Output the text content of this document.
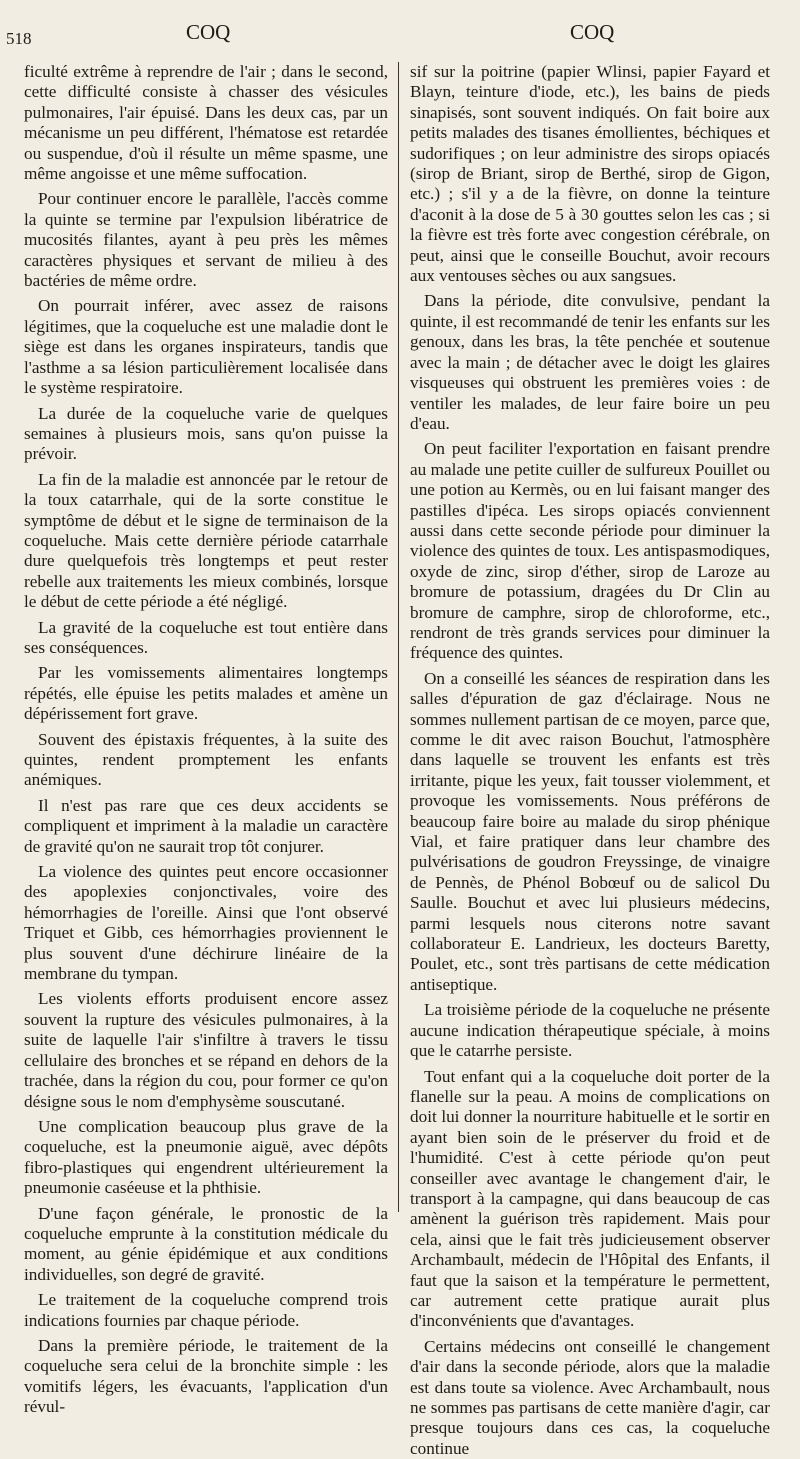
518	COQ	COQ

ficulté extrême à reprendre de l'air ; dans le second, cette difficulté consiste à chasser des vésicules pulmonaires, l'air épuisé. Dans les deux cas, par un mécanisme un peu différent, l'hématose est retardée ou suspendue, d'où il résulte un même spasme, une même angoisse et une même suffocation.

Pour continuer encore le parallèle, l'accès comme la quinte se termine par l'expulsion libératrice de mucosités filantes, ayant à peu près les mêmes caractères physiques et servant de milieu à des bactéries de même ordre.

On pourrait inférer, avec assez de raisons légitimes, que la coqueluche est une maladie dont le siège est dans les organes inspirateurs, tandis que l'asthme a sa lésion particulièrement localisée dans le système respiratoire.

La durée de la coqueluche varie de quelques semaines à plusieurs mois, sans qu'on puisse la prévoir.

La fin de la maladie est annoncée par le retour de la toux catarrhale, qui de la sorte constitue le symptôme de début et le signe de terminaison de la coqueluche. Mais cette dernière période catarrhale dure quelquefois très longtemps et peut rester rebelle aux traitements les mieux combinés, lorsque le début de cette période a été négligé.

La gravité de la coqueluche est tout entière dans ses conséquences.

Par les vomissements alimentaires longtemps répétés, elle épuise les petits malades et amène un dépérissement fort grave.

Souvent des épistaxis fréquentes, à la suite des quintes, rendent promptement les enfants anémiques.

Il n'est pas rare que ces deux accidents se compliquent et impriment à la maladie un caractère de gravité qu'on ne saurait trop tôt conjurer.

La violence des quintes peut encore occasionner des apoplexies conjonctivales, voire des hémorrhagies de l'oreille. Ainsi que l'ont observé Triquet et Gibb, ces hémorrhagies proviennent le plus souvent d'une déchirure linéaire de la membrane du tympan.

Les violents efforts produisent encore assez souvent la rupture des vésicules pulmonaires, à la suite de laquelle l'air s'infiltre à travers le tissu cellulaire des bronches et se répand en dehors de la trachée, dans la région du cou, pour former ce qu'on désigne sous le nom d'emphysème souscutané.

Une complication beaucoup plus grave de la coqueluche, est la pneumonie aiguë, avec dépôts fibro-plastiques qui engendrent ultérieurement la pneumonie caséeuse et la phthisie.

D'une façon générale, le pronostic de la coqueluche emprunte à la constitution médicale du moment, au génie épidémique et aux conditions individuelles, son degré de gravité.

Le traitement de la coqueluche comprend trois indications fournies par chaque période.

Dans la première période, le traitement de la coqueluche sera celui de la bronchite simple : les vomitifs légers, les évacuants, l'application d'un révul-

sif sur la poitrine (papier Wlinsi, papier Fayard et Blayn, teinture d'iode, etc.), les bains de pieds sinapisés, sont souvent indiqués. On fait boire aux petits malades des tisanes émollientes, béchiques et sudorifiques ; on leur administre des sirops opiacés (sirop de Briant, sirop de Berthé, sirop de Gigon, etc.) ; s'il y a de la fièvre, on donne la teinture d'aconit à la dose de 5 à 30 gouttes selon les cas ; si la fièvre est très forte avec congestion cérébrale, on peut, ainsi que le conseille Bouchut, avoir recours aux ventouses sèches ou aux sangsues.

Dans la période, dite convulsive, pendant la quinte, il est recommandé de tenir les enfants sur les genoux, dans les bras, la tête penchée et soutenue avec la main ; de détacher avec le doigt les glaires visqueuses qui obstruent les premières voies : de ventiler les malades, de leur faire boire un peu d'eau.

On peut faciliter l'exportation en faisant prendre au malade une petite cuiller de sulfureux Pouillet ou une potion au Kermès, ou en lui faisant manger des pastilles d'ipéca. Les sirops opiacés conviennent aussi dans cette seconde période pour diminuer la violence des quintes de toux. Les antispasmodiques, oxyde de zinc, sirop d'éther, sirop de Laroze au bromure de potassium, dragées du Dr Clin au bromure de camphre, sirop de chloroforme, etc., rendront de très grands services pour diminuer la fréquence des quintes.

On a conseillé les séances de respiration dans les salles d'épuration de gaz d'éclairage. Nous ne sommes nullement partisan de ce moyen, parce que, comme le dit avec raison Bouchut, l'atmosphère dans laquelle se trouvent les enfants est très irritante, pique les yeux, fait tousser violemment, et provoque les vomissements. Nous préférons de beaucoup faire boire au malade du sirop phénique Vial, et faire pratiquer dans leur chambre des pulvérisations de goudron Freyssinge, de vinaigre de Pennès, de Phénol Bobœuf ou de salicol Du Saulle. Bouchut et avec lui plusieurs médecins, parmi lesquels nous citerons notre savant collaborateur E. Landrieux, les docteurs Baretty, Poulet, etc., sont très partisans de cette médication antiseptique.

La troisième période de la coqueluche ne présente aucune indication thérapeutique spéciale, à moins que le catarrhe persiste.

Tout enfant qui a la coqueluche doit porter de la flanelle sur la peau. A moins de complications on doit lui donner la nourriture habituelle et le sortir en ayant bien soin de le préserver du froid et de l'humidité. C'est à cette période qu'on peut conseiller avec avantage le changement d'air, le transport à la campagne, qui dans beaucoup de cas amènent la guérison très rapidement. Mais pour cela, ainsi que le fait très judicieusement observer Archambault, médecin de l'Hôpital des Enfants, il faut que la saison et la température le permettent, car autrement cette pratique aurait plus d'inconvénients que d'avantages.

Certains médecins ont conseillé le changement d'air dans la seconde période, alors que la maladie est dans toute sa violence. Avec Archambault, nous ne sommes pas partisans de cette manière d'agir, car presque toujours dans ces cas, la coqueluche continue
